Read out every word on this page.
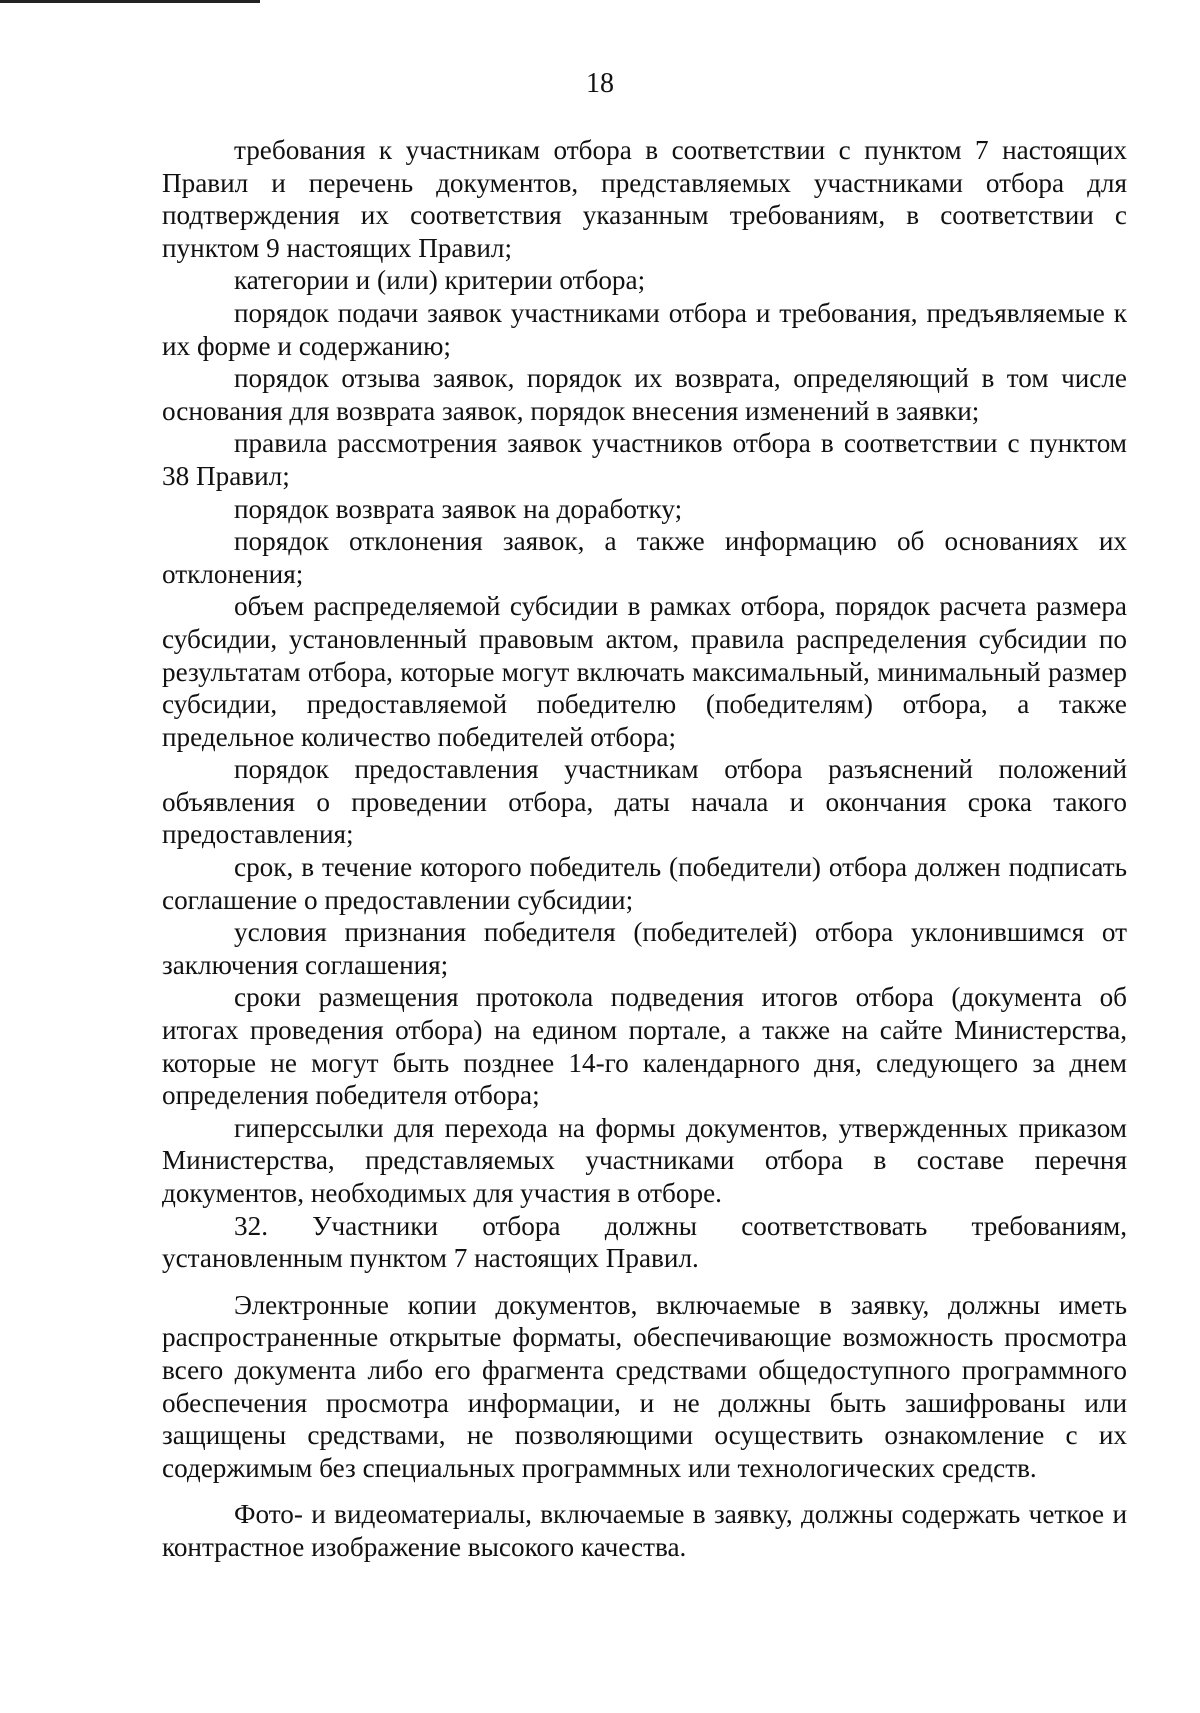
18

требования к участникам отбора в соответствии с пунктом 7 настоящих Правил и перечень документов, представляемых участниками отбора для подтверждения их соответствия указанным требованиям, в соответствии с пунктом 9 настоящих Правил;

категории и (или) критерии отбора;

порядок подачи заявок участниками отбора и требования, предъявляемые к их форме и содержанию;

порядок отзыва заявок, порядок их возврата, определяющий в том числе основания для возврата заявок, порядок внесения изменений в заявки;

правила рассмотрения заявок участников отбора в соответствии с пунктом 38 Правил;

порядок возврата заявок на доработку;

порядок отклонения заявок, а также информацию об основаниях их отклонения;

объем распределяемой субсидии в рамках отбора, порядок расчета размера субсидии, установленный правовым актом, правила распределения субсидии по результатам отбора, которые могут включать максимальный, минимальный размер субсидии, предоставляемой победителю (победителям) отбора, а также предельное количество победителей отбора;

порядок предоставления участникам отбора разъяснений положений объявления о проведении отбора, даты начала и окончания срока такого предоставления;

срок, в течение которого победитель (победители) отбора должен подписать соглашение о предоставлении субсидии;

условия признания победителя (победителей) отбора уклонившимся от заключения соглашения;

сроки размещения протокола подведения итогов отбора (документа об итогах проведения отбора) на едином портале, а также на сайте Министерства, которые не могут быть позднее 14-го календарного дня, следующего за днем определения победителя отбора;

гиперссылки для перехода на формы документов, утвержденных приказом Министерства, представляемых участниками отбора в составе перечня документов, необходимых для участия в отборе.

32. Участники отбора должны соответствовать требованиям, установленным пунктом 7 настоящих Правил.

Электронные копии документов, включаемые в заявку, должны иметь распространенные открытые форматы, обеспечивающие возможность просмотра всего документа либо его фрагмента средствами общедоступного программного обеспечения просмотра информации, и не должны быть зашифрованы или защищены средствами, не позволяющими осуществить ознакомление с их содержимым без специальных программных или технологических средств.

Фото- и видеоматериалы, включаемые в заявку, должны содержать четкое и контрастное изображение высокого качества.
